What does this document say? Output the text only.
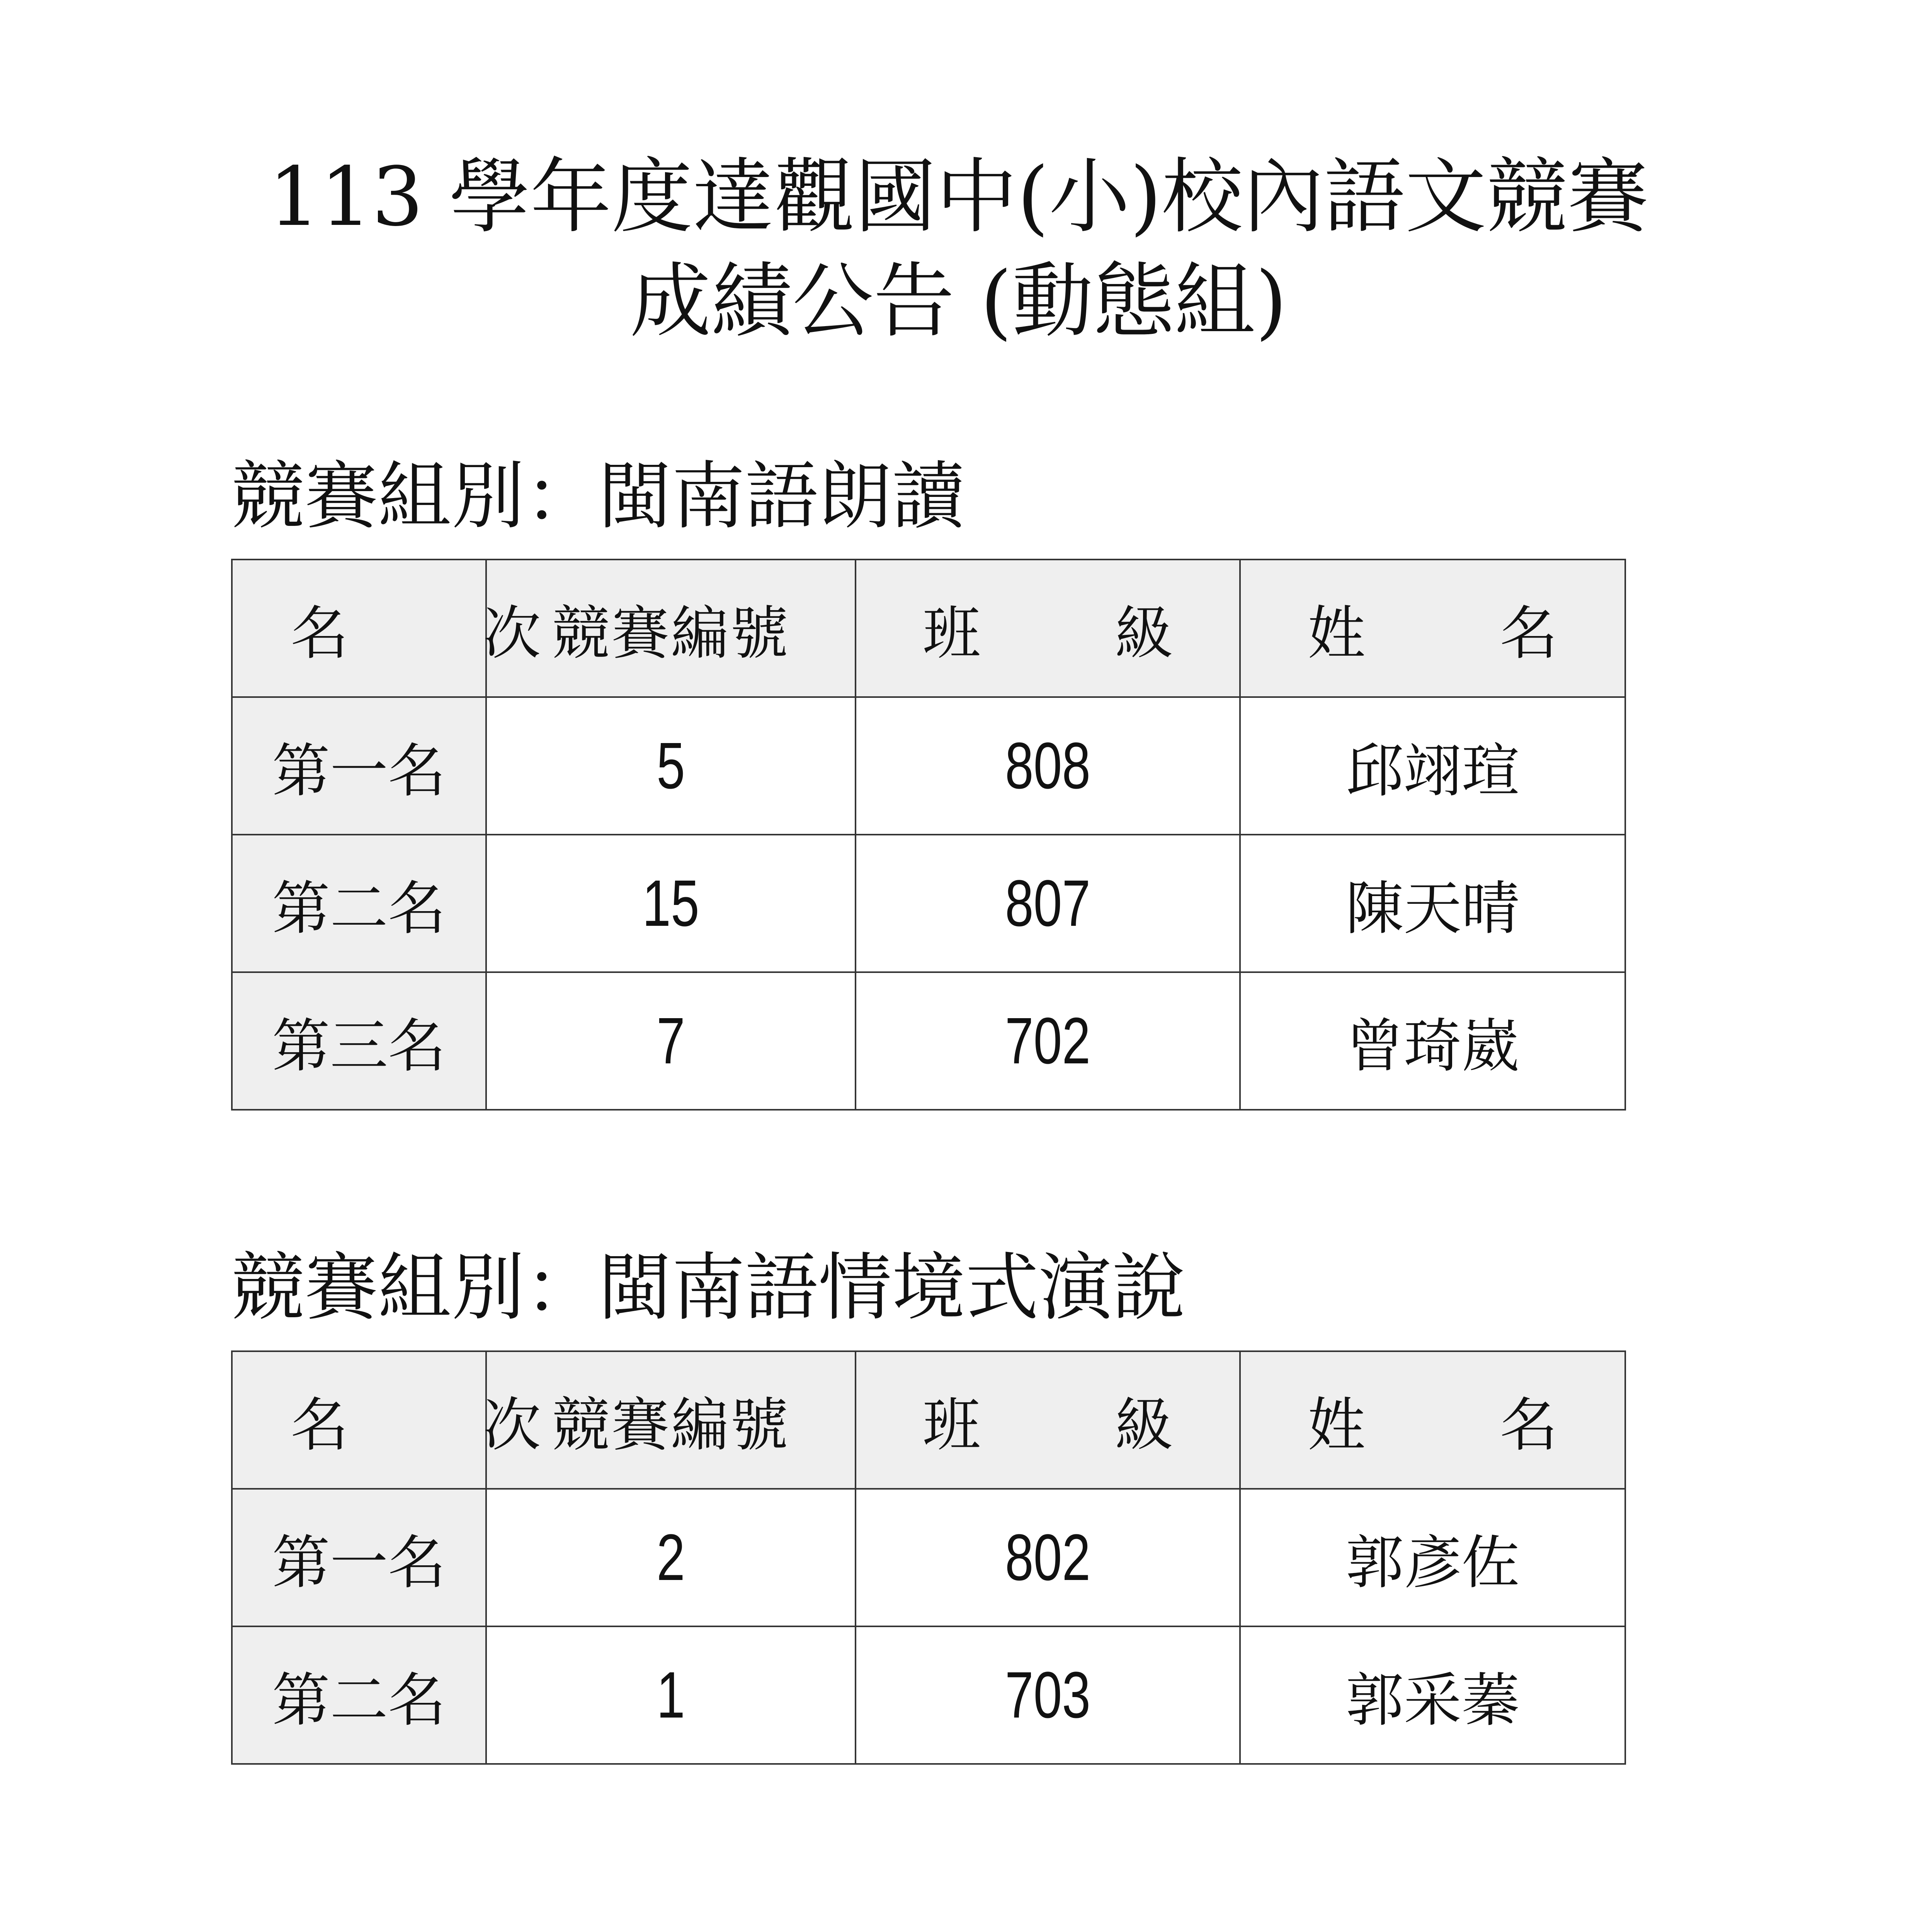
113 學年度達觀國中(小)校內語文競賽
成績公告 (動態組)
競賽組別：閩南語朗讀
名 次	競賽編號	班 級	姓 名
第一名	5	808	邱翊瑄
第二名	15	807	陳天晴
第三名	7	702	曾琦崴
競賽組別：閩南語情境式演說
名 次	競賽編號	班 級	姓 名
第一名	2	802	郭彥佐
第二名	1	703	郭采蓁
